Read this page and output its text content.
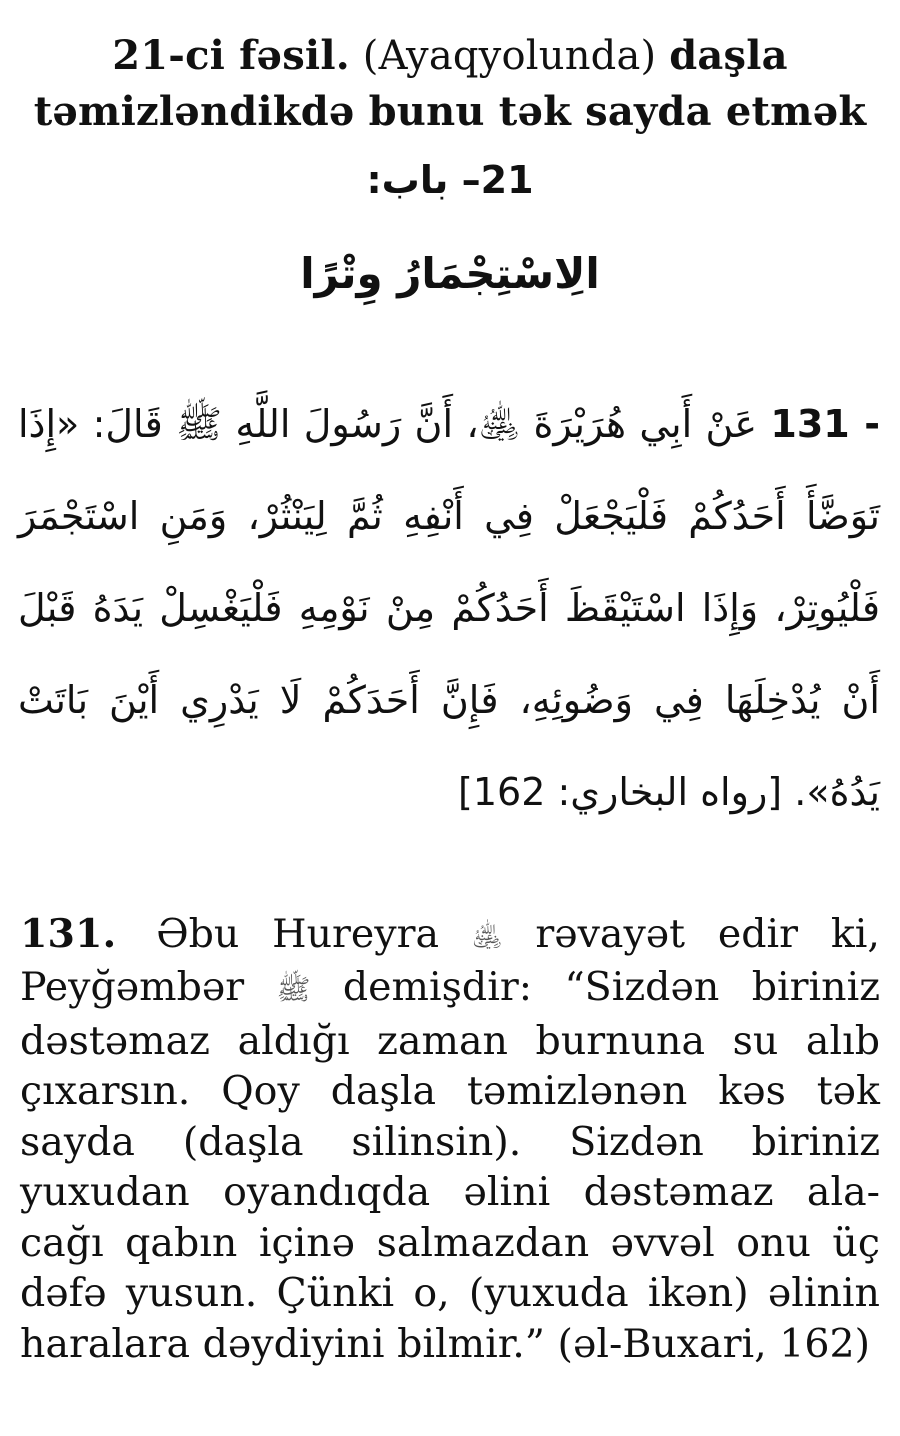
21-ci fəsil. (Ayaqyolunda) daşla təmizləndikdə bunu tək sayda etmək
21– باب:
الِاسْتِجْمَارُ وِتْرًا
131 - عَنْ أَبِي هُرَيْرَةَ ﵁، أَنَّ رَسُولَ اللَّهِ ﷺ قَالَ: «إِذَا تَوَضَّأَ أَحَدُكُمْ فَلْيَجْعَلْ فِي أَنْفِهِ ثُمَّ لِيَنْثُرْ، وَمَنِ اسْتَجْمَرَ فَلْيُوتِرْ، وَإِذَا اسْتَيْقَظَ أَحَدُكُمْ مِنْ نَوْمِهِ فَلْيَغْسِلْ يَدَهُ قَبْلَ أَنْ يُدْخِلَهَا فِي وَضُوئِهِ، فَإِنَّ أَحَدَكُمْ لَا يَدْرِي أَيْنَ بَاتَتْ يَدُهُ». [رواه البخاري: 162]
131. Əbu Hureyra ﵁ rəvayət edir ki, Peyğəmbər ﷺ demişdir: “Sizdən biriniz dəstəmaz aldığı zaman burnuna su alıb çıxarsın. Qoy daşla təmizlənən kəs tək sayda (daşla silinsin). Sizdən biriniz yuxudan oyandıqda əlini dəstəmaz ala-cağı qabın içinə salmazdan əvvəl onu üç dəfə yusun. Çünki o, (yuxuda ikən) əlinin haralara dəydiyini bilmir.” (əl-Buxari, 162)
